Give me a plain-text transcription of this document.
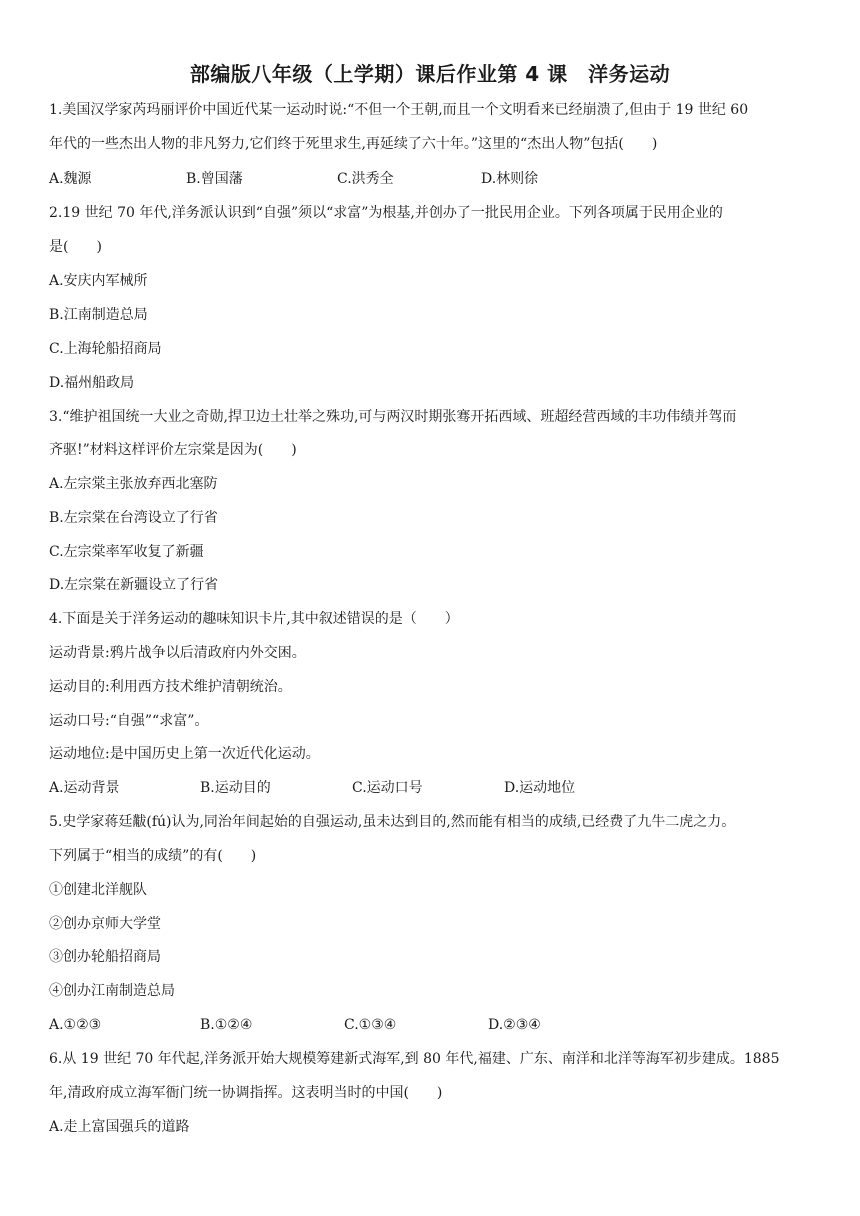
部编版八年级（上学期）课后作业第 4 课　洋务运动
1.美国汉学家芮玛丽评价中国近代某一运动时说:“不但一个王朝,而且一个文明看来已经崩溃了,但由于 19 世纪 60
年代的一些杰出人物的非凡努力,它们终于死里求生,再延续了六十年。”这里的“杰出人物”包括(　　)
A.魏源	B.曾国藩	C.洪秀全	D.林则徐
2.19 世纪 70 年代,洋务派认识到“自强”须以“求富”为根基,并创办了一批民用企业。下列各项属于民用企业的
是(　　)
A.安庆内军械所
B.江南制造总局
C.上海轮船招商局
D.福州船政局
3.“维护祖国统一大业之奇勋,捍卫边土壮举之殊功,可与两汉时期张骞开拓西域、班超经营西域的丰功伟绩并驾而
齐驱!”材料这样评价左宗棠是因为(　　)
A.左宗棠主张放弃西北塞防
B.左宗棠在台湾设立了行省
C.左宗棠率军收复了新疆
D.左宗棠在新疆设立了行省
4.下面是关于洋务运动的趣味知识卡片,其中叙述错误的是（　　）
运动背景:鸦片战争以后清政府内外交困。
运动目的:利用西方技术维护清朝统治。
运动口号:“自强”“求富”。
运动地位:是中国历史上第一次近代化运动。
A.运动背景	B.运动目的	C.运动口号	D.运动地位
5.史学家蒋廷黻(fú)认为,同治年间起始的自强运动,虽未达到目的,然而能有相当的成绩,已经费了九牛二虎之力。
下列属于“相当的成绩”的有(　　)
①创建北洋舰队
②创办京师大学堂
③创办轮船招商局
④创办江南制造总局
A.①②③	B.①②④	C.①③④	D.②③④
6.从 19 世纪 70 年代起,洋务派开始大规模筹建新式海军,到 80 年代,福建、广东、南洋和北洋等海军初步建成。1885
年,清政府成立海军衙门统一协调指挥。这表明当时的中国(　　)
A.走上富国强兵的道路
